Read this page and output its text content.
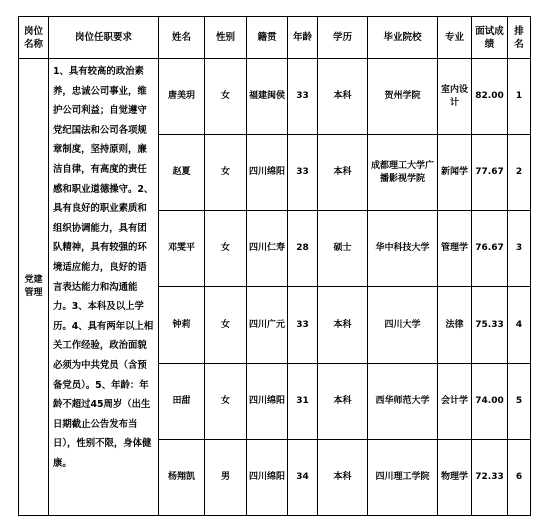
岗位名称	岗位任职要求	姓名	性别	籍贯	年龄	学历	毕业院校	专业	面试成绩	排名
党建管理	1、具有较高的政治素养，忠诚公司事业，维护公司利益；自觉遵守党纪国法和公司各项规章制度，坚持原则，廉洁自律，有高度的责任感和职业道德操守。2、具有良好的职业素质和组织协调能力，具有团队精神，具有较强的环境适应能力，良好的语言表达能力和沟通能力。3、本科及以上学历。4、具有两年以上相关工作经验，政治面貌必须为中共党员（含预备党员）。5、年龄：年龄不超过45周岁（出生日期截止公告发布当日），性别不限，身体健康。	唐美玥	女	福建闽侯	33	本科	贺州学院	室内设计	82.00	1
		赵夏	女	四川绵阳	33	本科	成都理工大学广播影视学院	新闻学	77.67	2
		邓雯平	女	四川仁寿	28	硕士	华中科技大学	管理学	76.67	3
		钟莉	女	四川广元	33	本科	四川大学	法律	75.33	4
		田甜	女	四川绵阳	31	本科	西华师范大学	会计学	74.00	5
		杨翔凯	男	四川绵阳	34	本科	四川理工学院	物理学	72.33	6
